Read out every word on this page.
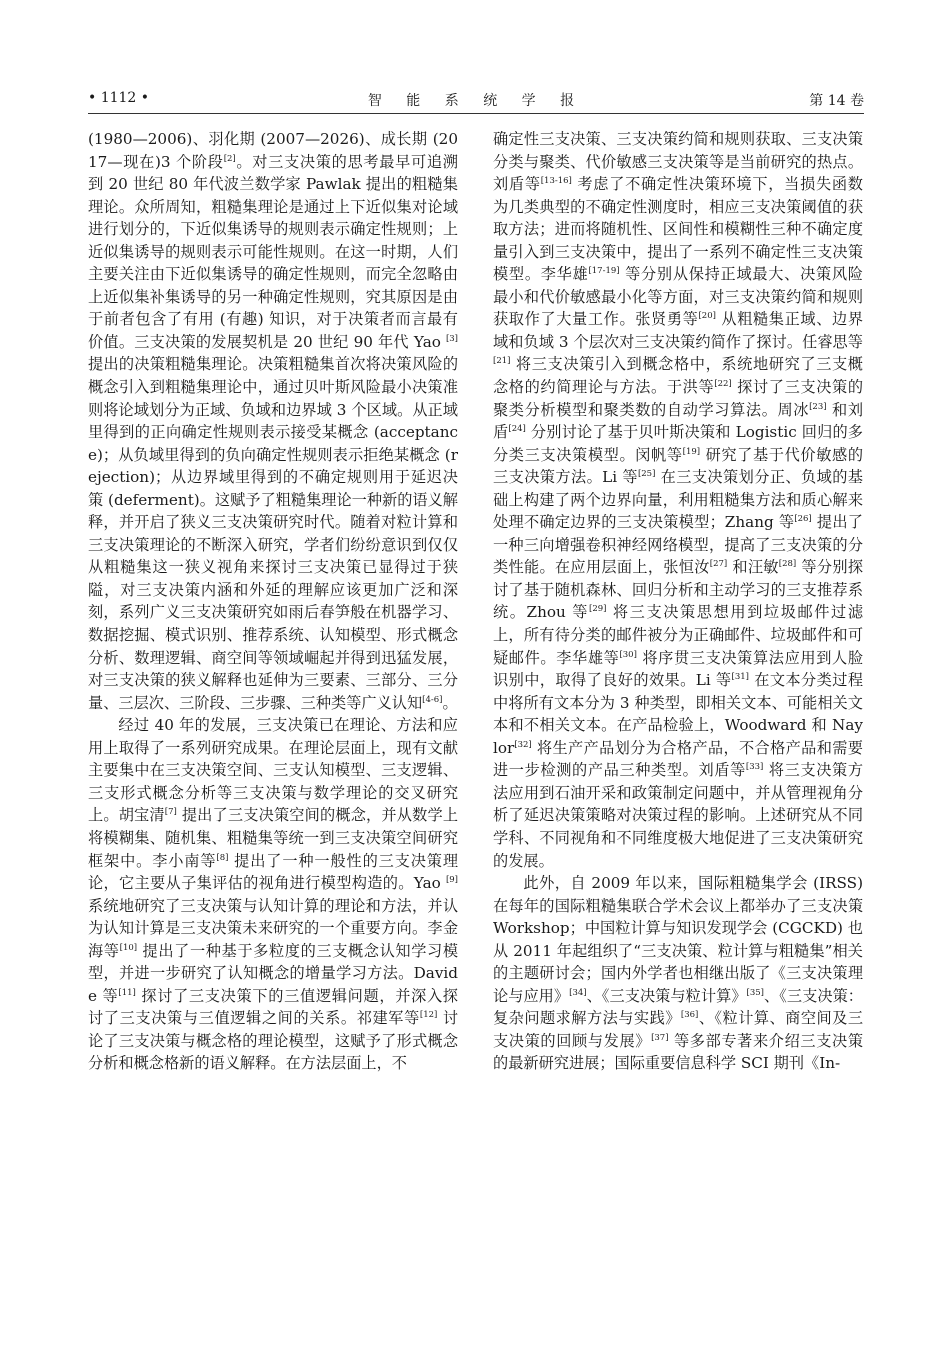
• 1112 •	智 能 系 统 学 报	第 14 卷

(1980—2006)、羽化期 (2007—2026)、成长期 (2017—现在)3 个阶段[2]。对三支决策的思考最早可追溯到 20 世纪 80 年代波兰数学家 Pawlak 提出的粗糙集理论。众所周知，粗糙集理论是通过上下近似集对论域进行划分的，下近似集诱导的规则表示确定性规则；上近似集诱导的规则表示可能性规则。在这一时期，人们主要关注由下近似集诱导的确定性规则，而完全忽略由上近似集补集诱导的另一种确定性规则，究其原因是由于前者包含了有用 (有趣) 知识，对于决策者而言最有价值。三支决策的发展契机是 20 世纪 90 年代 Yao [3] 提出的决策粗糙集理论。决策粗糙集首次将决策风险的概念引入到粗糙集理论中，通过贝叶斯风险最小决策准则将论域划分为正域、负域和边界域 3 个区域。从正域里得到的正向确定性规则表示接受某概念 (acceptance)；从负域里得到的负向确定性规则表示拒绝某概念 (rejection)；从边界域里得到的不确定规则用于延迟决策 (deferment)。这赋予了粗糙集理论一种新的语义解释，并开启了狭义三支决策研究时代。随着对粒计算和三支决策理论的不断深入研究，学者们纷纷意识到仅仅从粗糙集这一狭义视角来探讨三支决策已显得过于狭隘，对三支决策内涵和外延的理解应该更加广泛和深刻，系列广义三支决策研究如雨后春笋般在机器学习、数据挖掘、模式识别、推荐系统、认知模型、形式概念分析、数理逻辑、商空间等领域崛起并得到迅猛发展，对三支决策的狭义解释也延伸为三要素、三部分、三分量、三层次、三阶段、三步骤、三种类等广义认知[4-6]。

经过 40 年的发展，三支决策已在理论、方法和应用上取得了一系列研究成果。在理论层面上，现有文献主要集中在三支决策空间、三支认知模型、三支逻辑、三支形式概念分析等三支决策与数学理论的交叉研究上。胡宝清[7] 提出了三支决策空间的概念，并从数学上将模糊集、随机集、粗糙集等统一到三支决策空间研究框架中。李小南等[8] 提出了一种一般性的三支决策理论，它主要从子集评估的视角进行模型构造的。Yao [9] 系统地研究了三支决策与认知计算的理论和方法，并认为认知计算是三支决策未来研究的一个重要方向。李金海等[10] 提出了一种基于多粒度的三支概念认知学习模型，并进一步研究了认知概念的增量学习方法。Davide 等[11] 探讨了三支决策下的三值逻辑问题，并深入探讨了三支决策与三值逻辑之间的关系。祁建军等[12] 讨论了三支决策与概念格的理论模型，这赋予了形式概念分析和概念格新的语义解释。在方法层面上，不

确定性三支决策、三支决策约简和规则获取、三支决策分类与聚类、代价敏感三支决策等是当前研究的热点。刘盾等[13-16] 考虑了不确定性决策环境下，当损失函数为几类典型的不确定性测度时，相应三支决策阈值的获取方法；进而将随机性、区间性和模糊性三种不确定度量引入到三支决策中，提出了一系列不确定性三支决策模型。李华雄[17-19] 等分别从保持正域最大、决策风险最小和代价敏感最小化等方面，对三支决策约简和规则获取作了大量工作。张贤勇等[20] 从粗糙集正域、边界域和负域 3 个层次对三支决策约简作了探讨。任睿思等[21] 将三支决策引入到概念格中，系统地研究了三支概念格的约简理论与方法。于洪等[22] 探讨了三支决策的聚类分析模型和聚类数的自动学习算法。周冰[23] 和刘盾[24] 分别讨论了基于贝叶斯决策和 Logistic 回归的多分类三支决策模型。闵帆等[19] 研究了基于代价敏感的三支决策方法。Li 等[25] 在三支决策划分正、负域的基础上构建了两个边界向量，利用粗糙集方法和质心解来处理不确定边界的三支决策模型；Zhang 等[26] 提出了一种三向增强卷积神经网络模型，提高了三支决策的分类性能。在应用层面上，张恒汝[27] 和汪敏[28] 等分别探讨了基于随机森林、回归分析和主动学习的三支推荐系统。Zhou 等[29] 将三支决策思想用到垃圾邮件过滤上，所有待分类的邮件被分为正确邮件、垃圾邮件和可疑邮件。李华雄等[30] 将序贯三支决策算法应用到人脸识别中，取得了良好的效果。Li 等[31] 在文本分类过程中将所有文本分为 3 种类型，即相关文本、可能相关文本和不相关文本。在产品检验上，Woodward 和 Naylor[32] 将生产产品划分为合格产品，不合格产品和需要进一步检测的产品三种类型。刘盾等[33] 将三支决策方法应用到石油开采和政策制定问题中，并从管理视角分析了延迟决策策略对决策过程的影响。上述研究从不同学科、不同视角和不同维度极大地促进了三支决策研究的发展。

此外，自 2009 年以来，国际粗糙集学会 (IRSS) 在每年的国际粗糙集联合学术会议上都举办了三支决策 Workshop；中国粒计算与知识发现学会 (CGCKD) 也从 2011 年起组织了“三支决策、粒计算与粗糙集”相关的主题研讨会；国内外学者也相继出版了《三支决策理论与应用》[34]、《三支决策与粒计算》[35]、《三支决策：复杂问题求解方法与实践》[36]、《粒计算、商空间及三支决策的回顾与发展》[37] 等多部专著来介绍三支决策的最新研究进展；国际重要信息科学 SCI 期刊《In-
